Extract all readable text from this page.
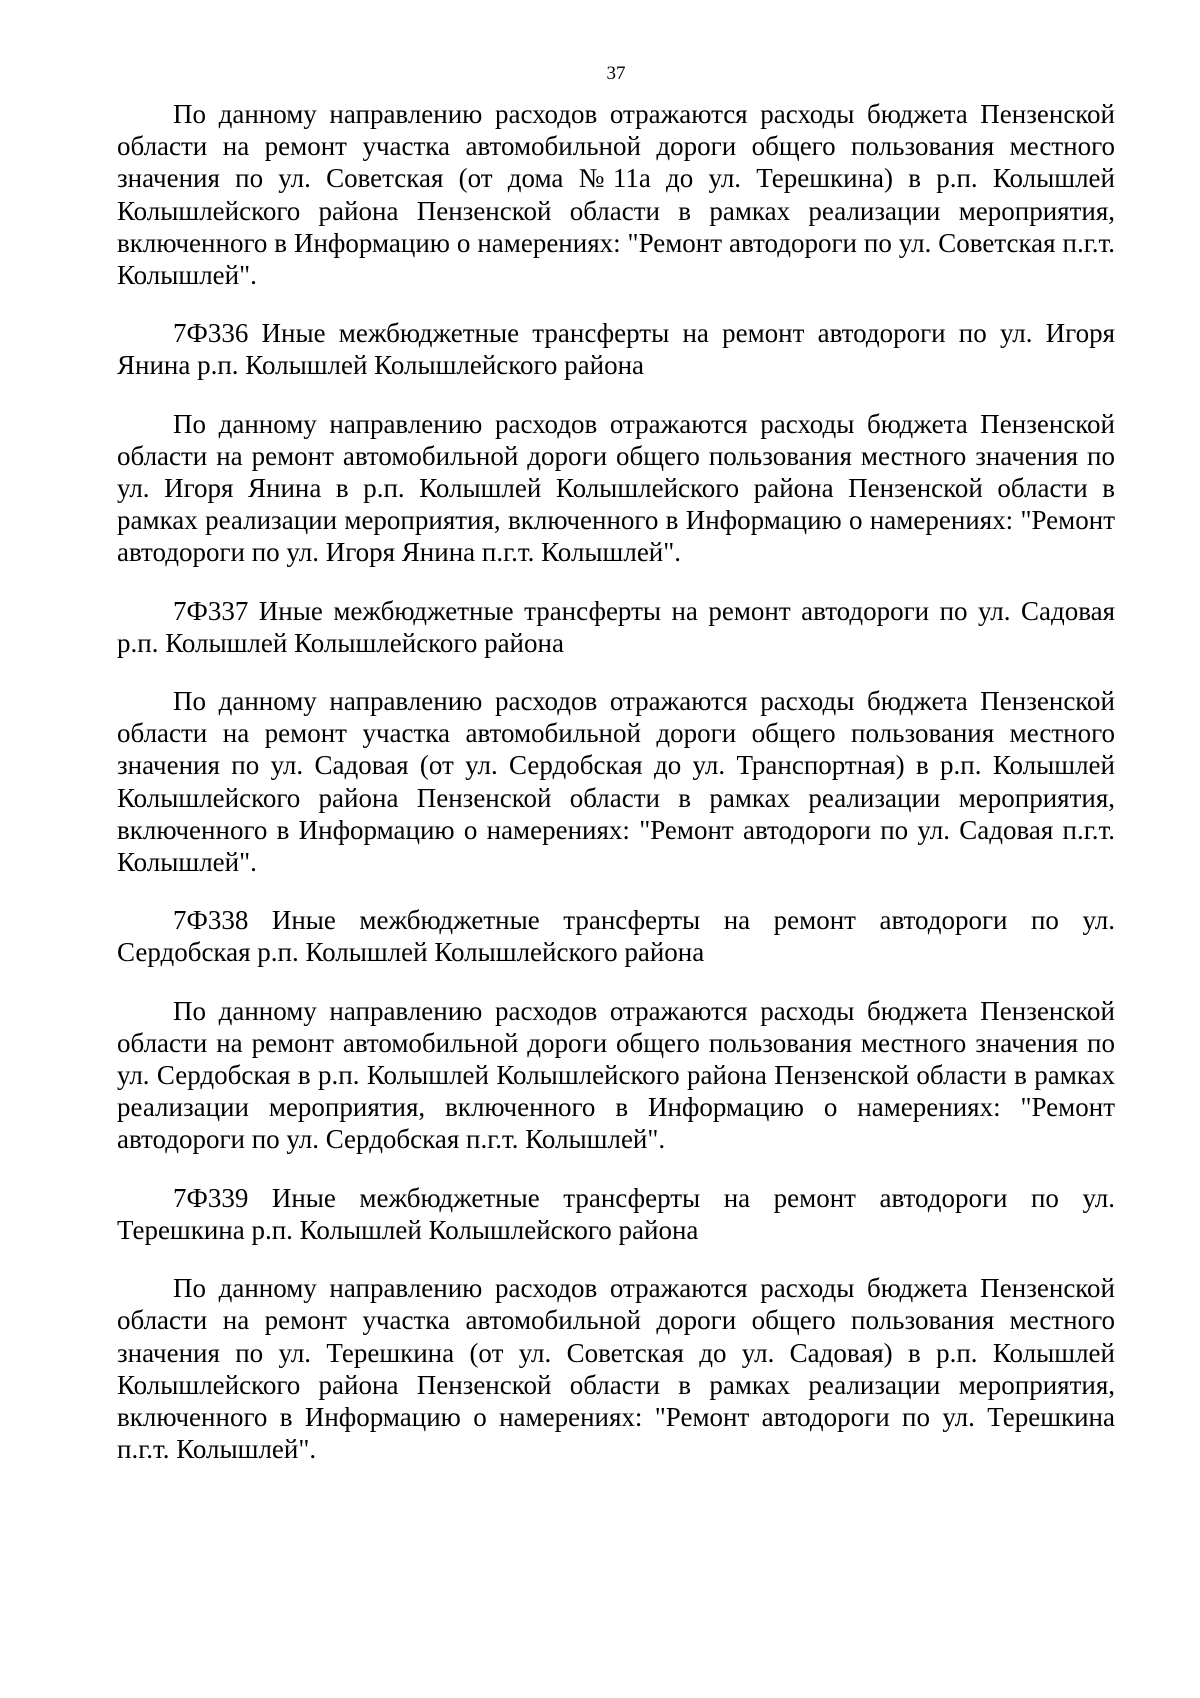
37

По данному направлению расходов отражаются расходы бюджета Пензенской области на ремонт участка автомобильной дороги общего пользования местного значения по ул. Советская (от дома №11а до ул. Терешкина) в р.п. Колышлей Колышлейского района Пензенской области в рамках реализации мероприятия, включенного в Информацию о намерениях: "Ремонт автодороги по ул. Советская п.г.т. Колышлей".

7Ф336 Иные межбюджетные трансферты на ремонт автодороги по ул. Игоря Янина р.п. Колышлей Колышлейского района

По данному направлению расходов отражаются расходы бюджета Пензенской области на ремонт автомобильной дороги общего пользования местного значения по ул. Игоря Янина в р.п. Колышлей Колышлейского района Пензенской области в рамках реализации мероприятия, включенного в Информацию о намерениях: "Ремонт автодороги по ул. Игоря Янина п.г.т. Колышлей".

7Ф337 Иные межбюджетные трансферты на ремонт автодороги по ул. Садовая р.п. Колышлей Колышлейского района

По данному направлению расходов отражаются расходы бюджета Пензенской области на ремонт участка автомобильной дороги общего пользования местного значения по ул. Садовая (от ул. Сердобская до ул. Транспортная) в р.п. Колышлей Колышлейского района Пензенской области в рамках реализации мероприятия, включенного в Информацию о намерениях: "Ремонт автодороги по ул. Садовая п.г.т. Колышлей".

7Ф338 Иные межбюджетные трансферты на ремонт автодороги по ул. Сердобская р.п. Колышлей Колышлейского района

По данному направлению расходов отражаются расходы бюджета Пензенской области на ремонт автомобильной дороги общего пользования местного значения по ул. Сердобская в р.п. Колышлей Колышлейского района Пензенской области в рамках реализации мероприятия, включенного в Информацию о намерениях: "Ремонт автодороги по ул. Сердобская п.г.т. Колышлей".

7Ф339 Иные межбюджетные трансферты на ремонт автодороги по ул. Терешкина р.п. Колышлей Колышлейского района

По данному направлению расходов отражаются расходы бюджета Пензенской области на ремонт участка автомобильной дороги общего пользования местного значения по ул. Терешкина (от ул. Советская до ул. Садовая) в р.п. Колышлей Колышлейского района Пензенской области в рамках реализации мероприятия, включенного в Информацию о намерениях: "Ремонт автодороги по ул. Терешкина п.г.т. Колышлей".
